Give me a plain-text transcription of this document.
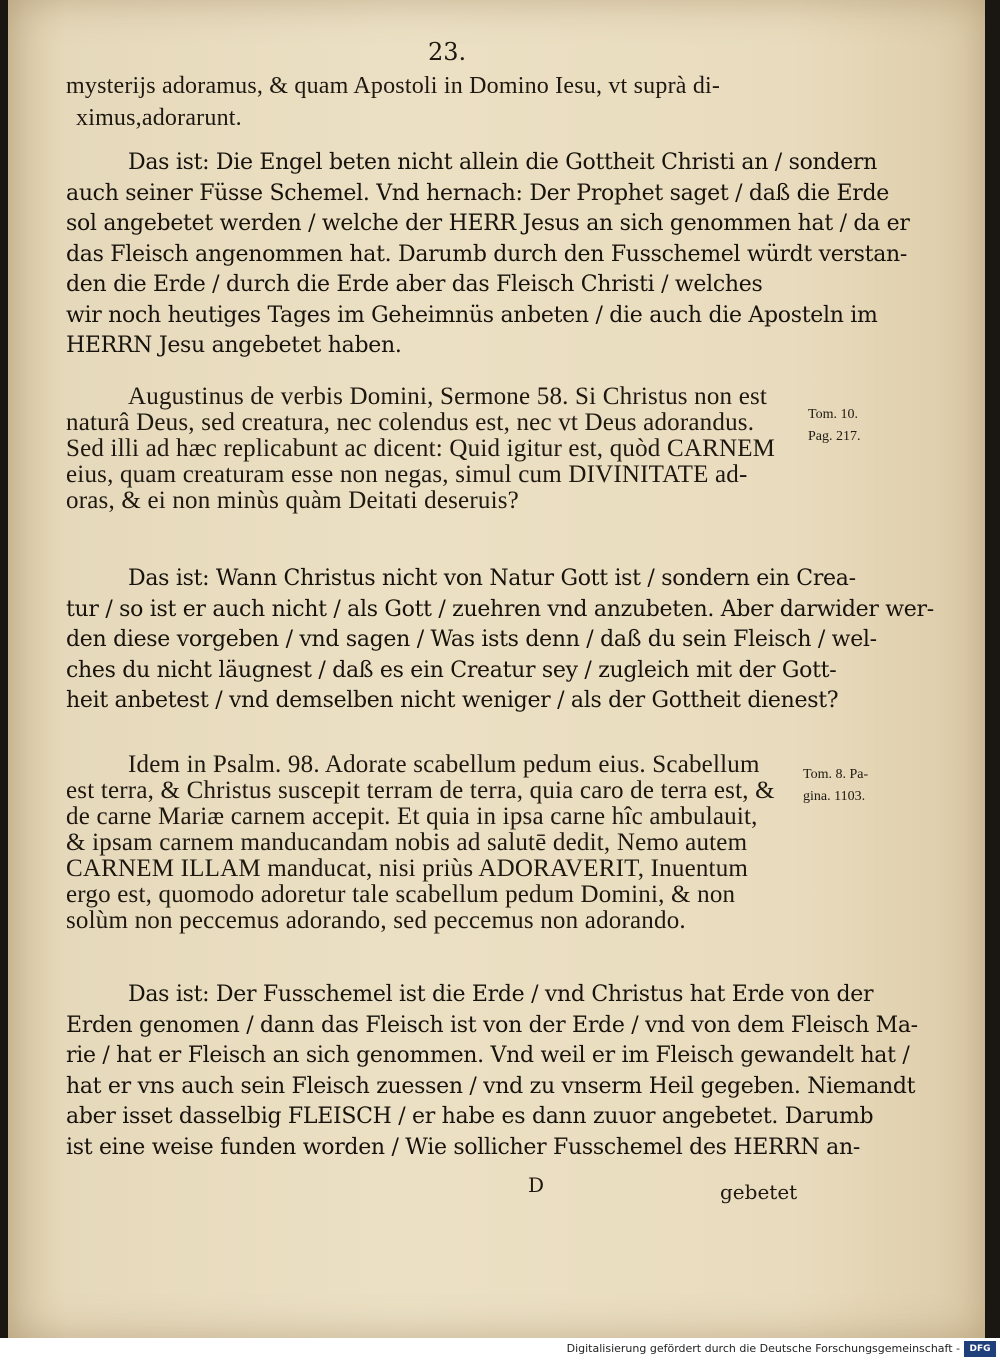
23.
mysterijs adoramus, & quam Apostoli in Domino Iesu, vt suprà di-
ximus,adorarunt.
Das ist: Die Engel beten nicht allein die Gottheit Christi an / sondern
auch seiner Füsse Schemel. Vnd hernach: Der Prophet saget / daß die Erde
sol angebetet werden / welche der HERR Jesus an sich genommen hat / da er
das Fleisch angenommen hat. Darumb durch den Fusschemel würdt verstan-
den die Erde / durch die Erde aber das Fleisch Christi / welches
wir noch heutiges Tages im Geheimnüs anbeten / die auch die Aposteln im
HERRN Jesu angebetet haben.
Augustinus de verbis Domini, Sermone 58. Si Christus non est
naturâ Deus, sed creatura, nec colendus est, nec vt Deus adorandus.
Sed illi ad hæc replicabunt ac dicent: Quid igitur est, quòd CARNEM
eius, quam creaturam esse non negas, simul cum DIVINITATE ad-
oras, & ei non minùs quàm Deitati deseruis?
Tom. 10.
Pag. 217.
Das ist: Wann Christus nicht von Natur Gott ist / sondern ein Crea-
tur / so ist er auch nicht / als Gott / zuehren vnd anzubeten. Aber darwider wer-
den diese vorgeben / vnd sagen / Was ists denn / daß du sein Fleisch / wel-
ches du nicht läugnest / daß es ein Creatur sey / zugleich mit der Gott-
heit anbetest / vnd demselben nicht weniger / als der Gottheit dienest?
Idem in Psalm. 98. Adorate scabellum pedum eius. Scabellum
est terra, & Christus suscepit terram de terra, quia caro de terra est, &
de carne Mariæ carnem accepit. Et quia in ipsa carne hîc ambulauit,
& ipsam carnem manducandam nobis ad salutē dedit, Nemo autem
CARNEM ILLAM manducat, nisi priùs ADORAVERIT, Inuentum
ergo est, quomodo adoretur tale scabellum pedum Domini, & non
solùm non peccemus adorando, sed peccemus non adorando.
Tom. 8. Pa-
gina. 1103.
Das ist: Der Fusschemel ist die Erde / vnd Christus hat Erde von der
Erden genomen / dann das Fleisch ist von der Erde / vnd von dem Fleisch Ma-
rie / hat er Fleisch an sich genommen. Vnd weil er im Fleisch gewandelt hat /
hat er vns auch sein Fleisch zuessen / vnd zu vnserm Heil gegeben. Niemandt
aber isset dasselbig FLEISCH / er habe es dann zuuor angebetet. Darumb
ist eine weise funden worden / Wie sollicher Fusschemel des HERRN an-
D	gebetet
Digitalisierung gefördert durch die Deutsche Forschungsgemeinschaft -	DFG
